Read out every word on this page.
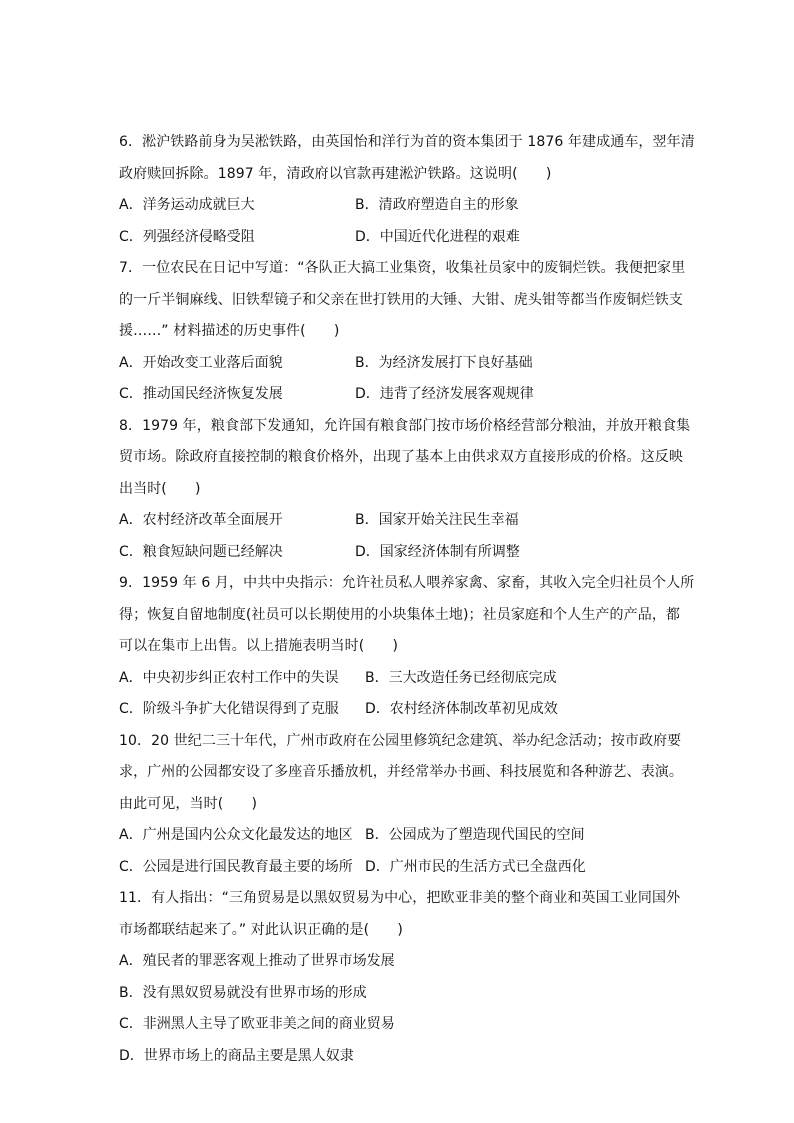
6．淞沪铁路前身为吴淞铁路，由英国怡和洋行为首的资本集团于 1876 年建成通车，翌年清
政府赎回拆除。1897 年，清政府以官款再建淞沪铁路。这说明(　　)
A．洋务运动成就巨大	B．清政府塑造自主的形象
C．列强经济侵略受阻	D．中国近代化进程的艰难
7．一位农民在日记中写道：“各队正大搞工业集资，收集社员家中的废铜烂铁。我便把家里
的一斤半铜麻线、旧铁犁镜子和父亲在世打铁用的大锤、大钳、虎头钳等都当作废铜烂铁支
援……” 材料描述的历史事件(　　)
A．开始改变工业落后面貌	B．为经济发展打下良好基础
C．推动国民经济恢复发展	D．违背了经济发展客观规律
8．1979 年，粮食部下发通知，允许国有粮食部门按市场价格经营部分粮油，并放开粮食集
贸市场。除政府直接控制的粮食价格外，出现了基本上由供求双方直接形成的价格。这反映
出当时(　　)
A．农村经济改革全面展开	B．国家开始关注民生幸福
C．粮食短缺问题已经解决	D．国家经济体制有所调整
9．1959 年 6 月，中共中央指示：允许社员私人喂养家禽、家畜，其收入完全归社员个人所
得；恢复自留地制度(社员可以长期使用的小块集体土地)；社员家庭和个人生产的产品，都
可以在集市上出售。以上措施表明当时(　　)
A．中央初步纠正农村工作中的失误	B．三大改造任务已经彻底完成
C．阶级斗争扩大化错误得到了克服	D．农村经济体制改革初见成效
10．20 世纪二三十年代，广州市政府在公园里修筑纪念建筑、举办纪念活动；按市政府要
求，广州的公园都安设了多座音乐播放机，并经常举办书画、科技展览和各种游艺、表演。
由此可见，当时(　　)
A．广州是国内公众文化最发达的地区 B．公园成为了塑造现代国民的空间
C．公园是进行国民教育最主要的场所 D．广州市民的生活方式已全盘西化
11．有人指出：“三角贸易是以黑奴贸易为中心，把欧亚非美的整个商业和英国工业同国外
市场都联结起来了。” 对此认识正确的是(　　)
A．殖民者的罪恶客观上推动了世界市场发展
B．没有黑奴贸易就没有世界市场的形成
C．非洲黑人主导了欧亚非美之间的商业贸易
D．世界市场上的商品主要是黑人奴隶
